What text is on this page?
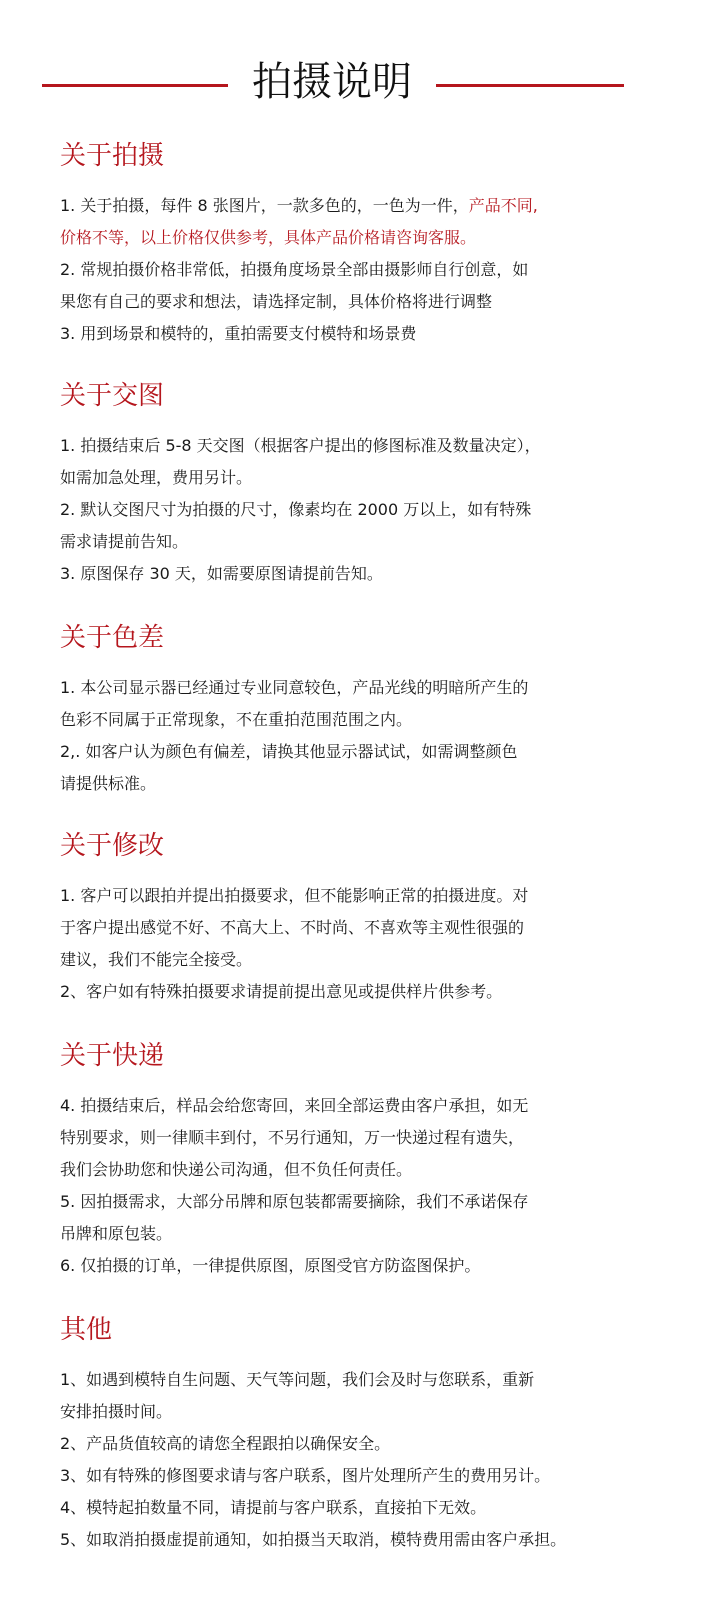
拍摄说明
关于拍摄
1. 关于拍摄，每件 8 张图片，一款多色的，一色为一件，产品不同,
价格不等，以上价格仅供参考，具体产品价格请咨询客服。
2. 常规拍摄价格非常低，拍摄角度场景全部由摄影师自行创意，如
果您有自己的要求和想法，请选择定制，具体价格将进行调整
3. 用到场景和模特的，重拍需要支付模特和场景费
关于交图
1. 拍摄结束后 5-8 天交图（根据客户提出的修图标准及数量决定），
如需加急处理，费用另计。
2. 默认交图尺寸为拍摄的尺寸，像素均在 2000 万以上，如有特殊
需求请提前告知。
3. 原图保存 30 天，如需要原图请提前告知。
关于色差
1. 本公司显示器已经通过专业同意较色，产品光线的明暗所产生的
色彩不同属于正常现象，不在重拍范围范围之内。
2,. 如客户认为颜色有偏差，请换其他显示器试试，如需调整颜色
请提供标准。
关于修改
1. 客户可以跟拍并提出拍摄要求，但不能影响正常的拍摄进度。对
于客户提出感觉不好、不高大上、不时尚、不喜欢等主观性很强的
建议，我们不能完全接受。
2、客户如有特殊拍摄要求请提前提出意见或提供样片供参考。
关于快递
4. 拍摄结束后，样品会给您寄回，来回全部运费由客户承担，如无
特别要求，则一律顺丰到付，不另行通知，万一快递过程有遗失，
我们会协助您和快递公司沟通，但不负任何责任。
5. 因拍摄需求，大部分吊牌和原包装都需要摘除，我们不承诺保存
吊牌和原包装。
6. 仅拍摄的订单，一律提供原图，原图受官方防盗图保护。
其他
1、如遇到模特自生问题、天气等问题，我们会及时与您联系，重新
安排拍摄时间。
2、产品货值较高的请您全程跟拍以确保安全。
3、如有特殊的修图要求请与客户联系，图片处理所产生的费用另计。
4、模特起拍数量不同，请提前与客户联系，直接拍下无效。
5、如取消拍摄虚提前通知，如拍摄当天取消，模特费用需由客户承担。
